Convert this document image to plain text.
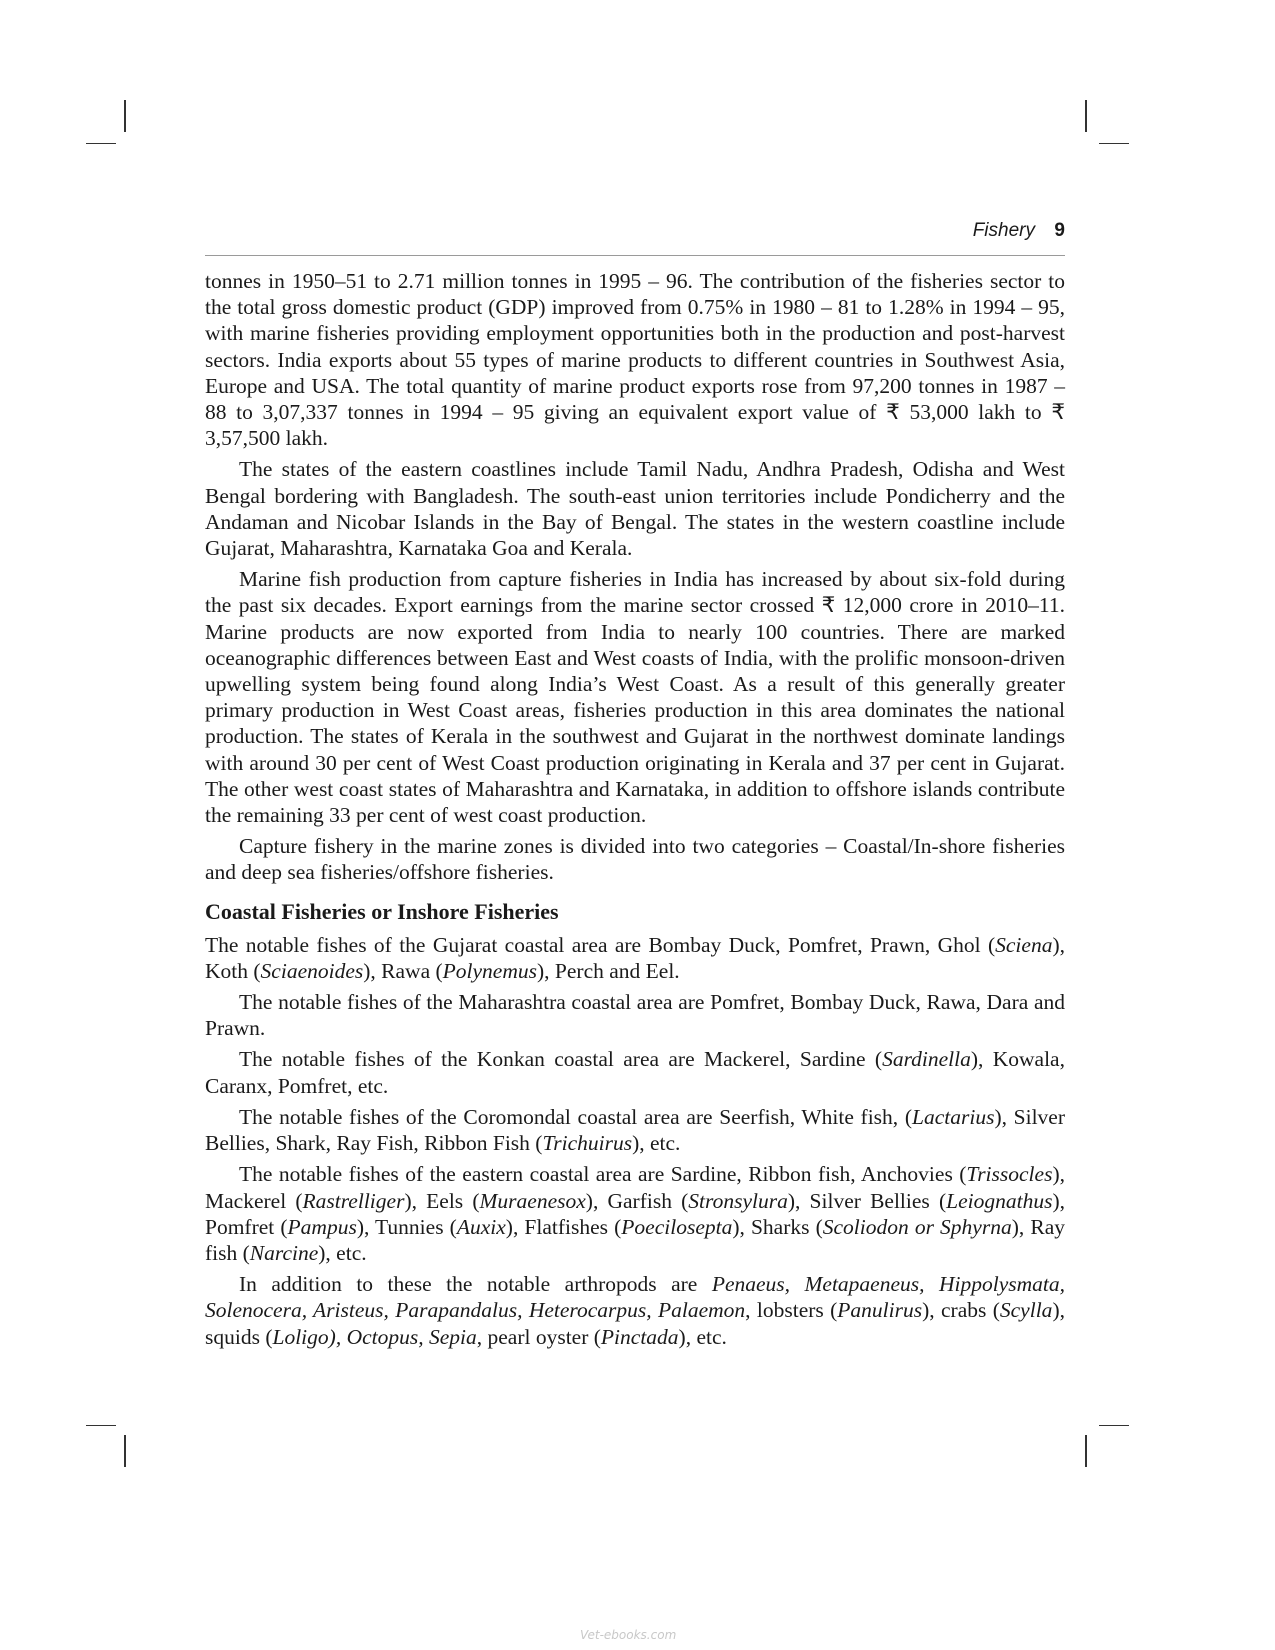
Fishery 9

tonnes in 1950–51 to 2.71 million tonnes in 1995 – 96. The contribution of the fisheries sector to the total gross domestic product (GDP) improved from 0.75% in 1980 – 81 to 1.28% in 1994 – 95, with marine fisheries providing employment opportunities both in the production and post-harvest sectors. India exports about 55 types of marine products to different countries in Southwest Asia, Europe and USA. The total quantity of marine product exports rose from 97,200 tonnes in 1987 – 88 to 3,07,337 tonnes in 1994 – 95 giving an equivalent export value of ₹ 53,000 lakh to ₹ 3,57,500 lakh.

The states of the eastern coastlines include Tamil Nadu, Andhra Pradesh, Odisha and West Bengal bordering with Bangladesh. The south-east union territories include Pondicherry and the Andaman and Nicobar Islands in the Bay of Bengal. The states in the western coastline include Gujarat, Maharashtra, Karnataka Goa and Kerala.

Marine fish production from capture fisheries in India has increased by about six-fold during the past six decades. Export earnings from the marine sector crossed ₹ 12,000 crore in 2010–11. Marine products are now exported from India to nearly 100 countries. There are marked oceanographic differences between East and West coasts of India, with the prolific monsoon-driven upwelling system being found along India’s West Coast. As a result of this generally greater primary production in West Coast areas, fisheries production in this area dominates the national production. The states of Kerala in the southwest and Gujarat in the northwest dominate landings with around 30 per cent of West Coast production originating in Kerala and 37 per cent in Gujarat. The other west coast states of Maharashtra and Karnataka, in addition to offshore islands contribute the remaining 33 per cent of west coast production.

Capture fishery in the marine zones is divided into two categories – Coastal/In-shore fisheries and deep sea fisheries/offshore fisheries.

Coastal Fisheries or Inshore Fisheries

The notable fishes of the Gujarat coastal area are Bombay Duck, Pomfret, Prawn, Ghol (Sciena), Koth (Sciaenoides), Rawa (Polynemus), Perch and Eel.

The notable fishes of the Maharashtra coastal area are Pomfret, Bombay Duck, Rawa, Dara and Prawn.

The notable fishes of the Konkan coastal area are Mackerel, Sardine (Sardinella), Kowala, Caranx, Pomfret, etc.

The notable fishes of the Coromondal coastal area are Seerfish, White fish, (Lactarius), Silver Bellies, Shark, Ray Fish, Ribbon Fish (Trichuirus), etc.

The notable fishes of the eastern coastal area are Sardine, Ribbon fish, Anchovies (Trissocles), Mackerel (Rastrelliger), Eels (Muraenesox), Garfish (Stronsylura), Silver Bellies (Leiognathus), Pomfret (Pampus), Tunnies (Auxix), Flatfishes (Poecilosepta), Sharks (Scoliodon or Sphyrna), Ray fish (Narcine), etc.

In addition to these the notable arthropods are Penaeus, Metapaeneus, Hippolysmata, Solenocera, Aristeus, Parapandalus, Heterocarpus, Palaemon, lobsters (Panulirus), crabs (Scylla), squids (Loligo), Octopus, Sepia, pearl oyster (Pinctada), etc.

Vet-ebooks.com
